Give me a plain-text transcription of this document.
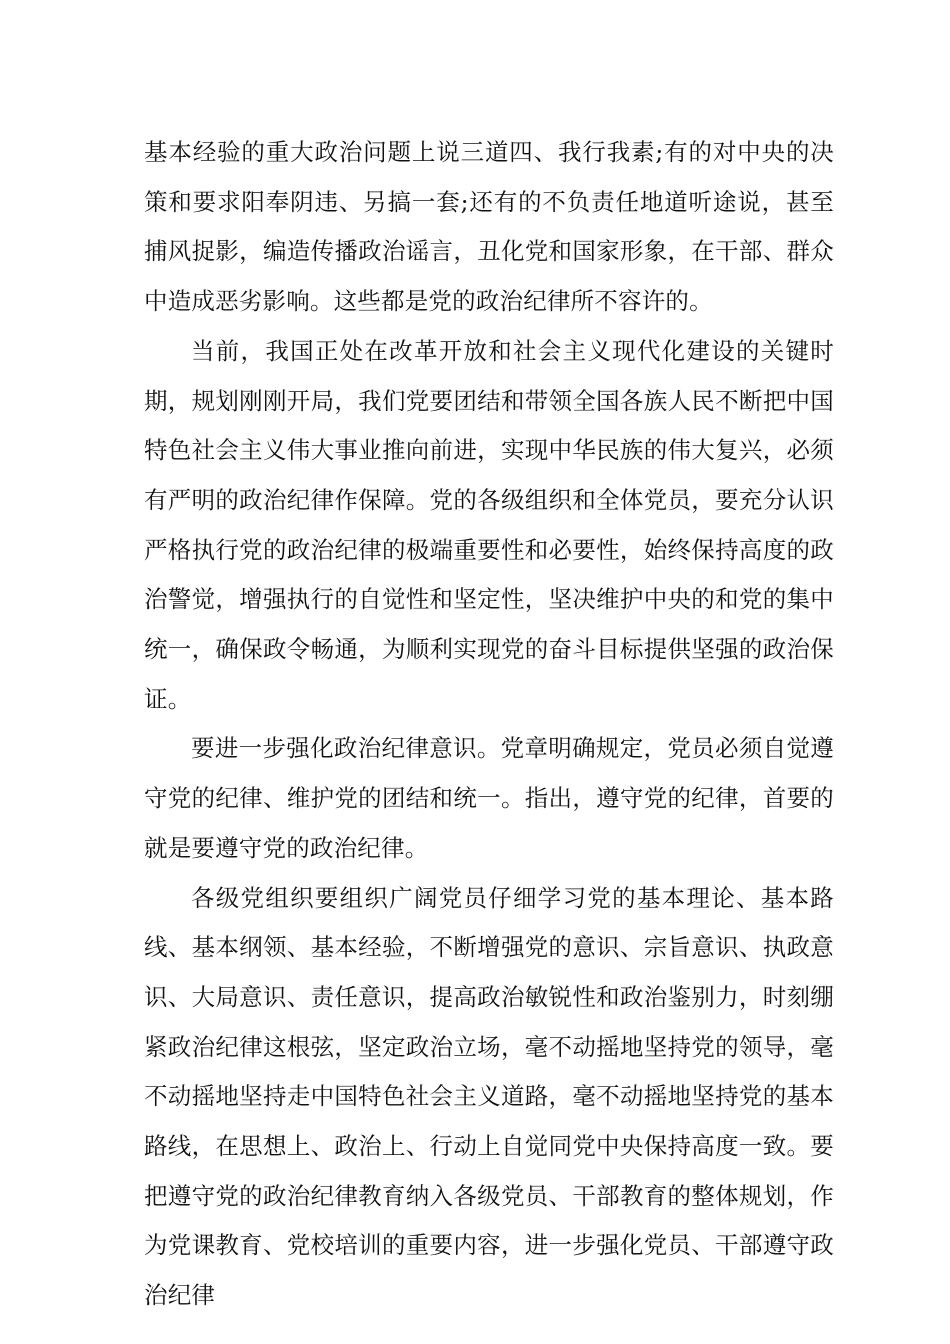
基本经验的重大政治问题上说三道四、我行我素;有的对中央的决策和要求阳奉阴违、另搞一套;还有的不负责任地道听途说，甚至捕风捉影，编造传播政治谣言，丑化党和国家形象，在干部、群众中造成恶劣影响。这些都是党的政治纪律所不容许的。

当前，我国正处在改革开放和社会主义现代化建设的关键时期，规划刚刚开局，我们党要团结和带领全国各族人民不断把中国特色社会主义伟大事业推向前进，实现中华民族的伟大复兴，必须有严明的政治纪律作保障。党的各级组织和全体党员，要充分认识严格执行党的政治纪律的极端重要性和必要性，始终保持高度的政治警觉，增强执行的自觉性和坚定性，坚决维护中央的和党的集中统一，确保政令畅通，为顺利实现党的奋斗目标提供坚强的政治保证。

要进一步强化政治纪律意识。党章明确规定，党员必须自觉遵守党的纪律、维护党的团结和统一。指出，遵守党的纪律，首要的就是要遵守党的政治纪律。

各级党组织要组织广阔党员仔细学习党的基本理论、基本路线、基本纲领、基本经验，不断增强党的意识、宗旨意识、执政意识、大局意识、责任意识，提高政治敏锐性和政治鉴别力，时刻绷紧政治纪律这根弦，坚定政治立场，毫不动摇地坚持党的领导，毫不动摇地坚持走中国特色社会主义道路，毫不动摇地坚持党的基本路线，在思想上、政治上、行动上自觉同党中央保持高度一致。要把遵守党的政治纪律教育纳入各级党员、干部教育的整体规划，作为党课教育、党校培训的重要内容，进一步强化党员、干部遵守政治纪律
